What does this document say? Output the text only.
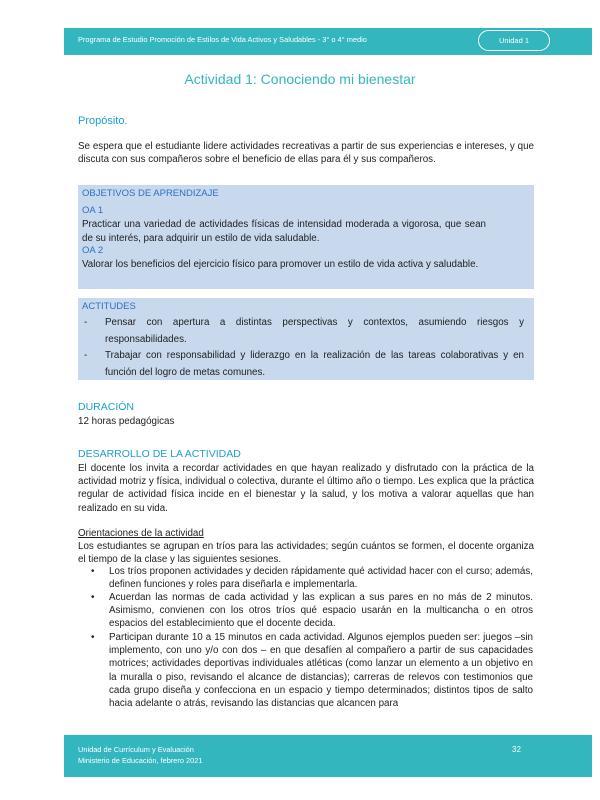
Programa de Estudio Promoción de Estilos de Vida Activos y Saludables - 3° o 4° medio	Unidad 1
Actividad 1: Conociendo mi bienestar
Propósito.
Se espera que el estudiante lidere actividades recreativas a partir de sus experiencias e intereses, y que discuta con sus compañeros sobre el beneficio de ellas para él y sus compañeros.
OBJETIVOS DE APRENDIZAJE
OA 1
Practicar una variedad de actividades físicas de intensidad moderada a vigorosa, que sean de su interés, para adquirir un estilo de vida saludable.
OA 2
Valorar los beneficios del ejercicio físico para promover un estilo de vida activa y saludable.
ACTITUDES
- Pensar con apertura a distintas perspectivas y contextos, asumiendo riesgos y responsabilidades.
- Trabajar con responsabilidad y liderazgo en la realización de las tareas colaborativas y en función del logro de metas comunes.
DURACIÓN
12 horas pedagógicas
DESARROLLO DE LA ACTIVIDAD
El docente los invita a recordar actividades en que hayan realizado y disfrutado con la práctica de la actividad motriz y física, individual o colectiva, durante el último año o tiempo. Les explica que la práctica regular de actividad física incide en el bienestar y la salud, y los motiva a valorar aquellas que han realizado en su vida.
Orientaciones de la actividad
Los estudiantes se agrupan en tríos para las actividades; según cuántos se formen, el docente organiza el tiempo de la clase y las siguientes sesiones.
• Los tríos proponen actividades y deciden rápidamente qué actividad hacer con el curso; además, definen funciones y roles para diseñarla e implementarla.
• Acuerdan las normas de cada actividad y las explican a sus pares en no más de 2 minutos. Asimismo, convienen con los otros tríos qué espacio usarán en la multicancha o en otros espacios del establecimiento que el docente decida.
• Participan durante 10 a 15 minutos en cada actividad. Algunos ejemplos pueden ser: juegos –sin implemento, con uno y/o con dos – en que desafíen al compañero a partir de sus capacidades motrices; actividades deportivas individuales atléticas (como lanzar un elemento a un objetivo en la muralla o piso, revisando el alcance de distancias); carreras de relevos con testimonios que cada grupo diseña y confecciona en un espacio y tiempo determinados; distintos tipos de salto hacia adelante o atrás, revisando las distancias que alcancen para
Unidad de Currículum y Evaluación
Ministerio de Educación, febrero 2021
32
